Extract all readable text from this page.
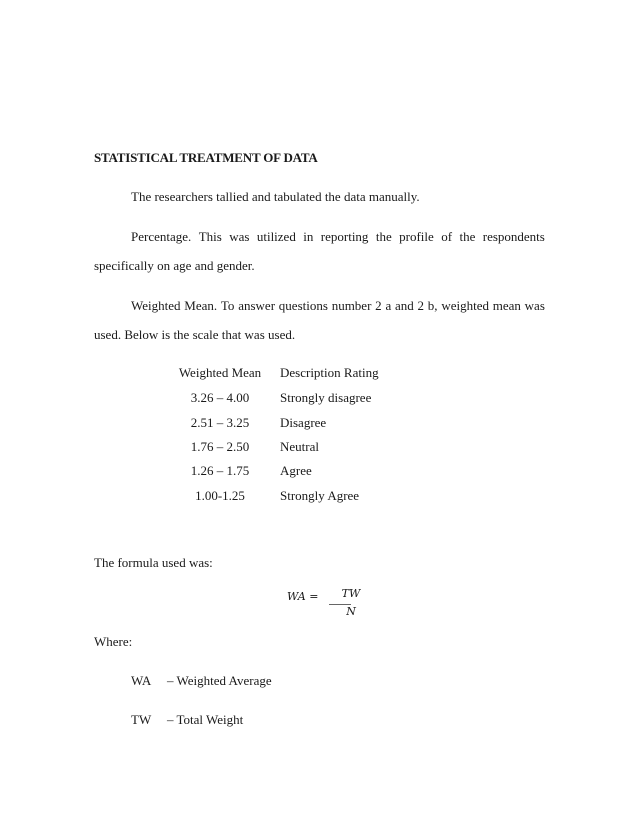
STATISTICAL TREATMENT OF DATA
The researchers tallied and tabulated the data manually.
Percentage. This was utilized in reporting the profile of the respondents
specifically on age and gender.
Weighted Mean. To answer questions number 2 a and 2 b, weighted mean was
used. Below is the scale that was used.
Weighted Mean	Description Rating
3.26 – 4.00	Strongly disagree
2.51 – 3.25	Disagree
1.76 – 2.50	Neutral
1.26 – 1.75	Agree
1.00-1.25	Strongly Agree
The formula used was:
WA = TW
N
Where:
WA – Weighted Average
TW – Total Weight
